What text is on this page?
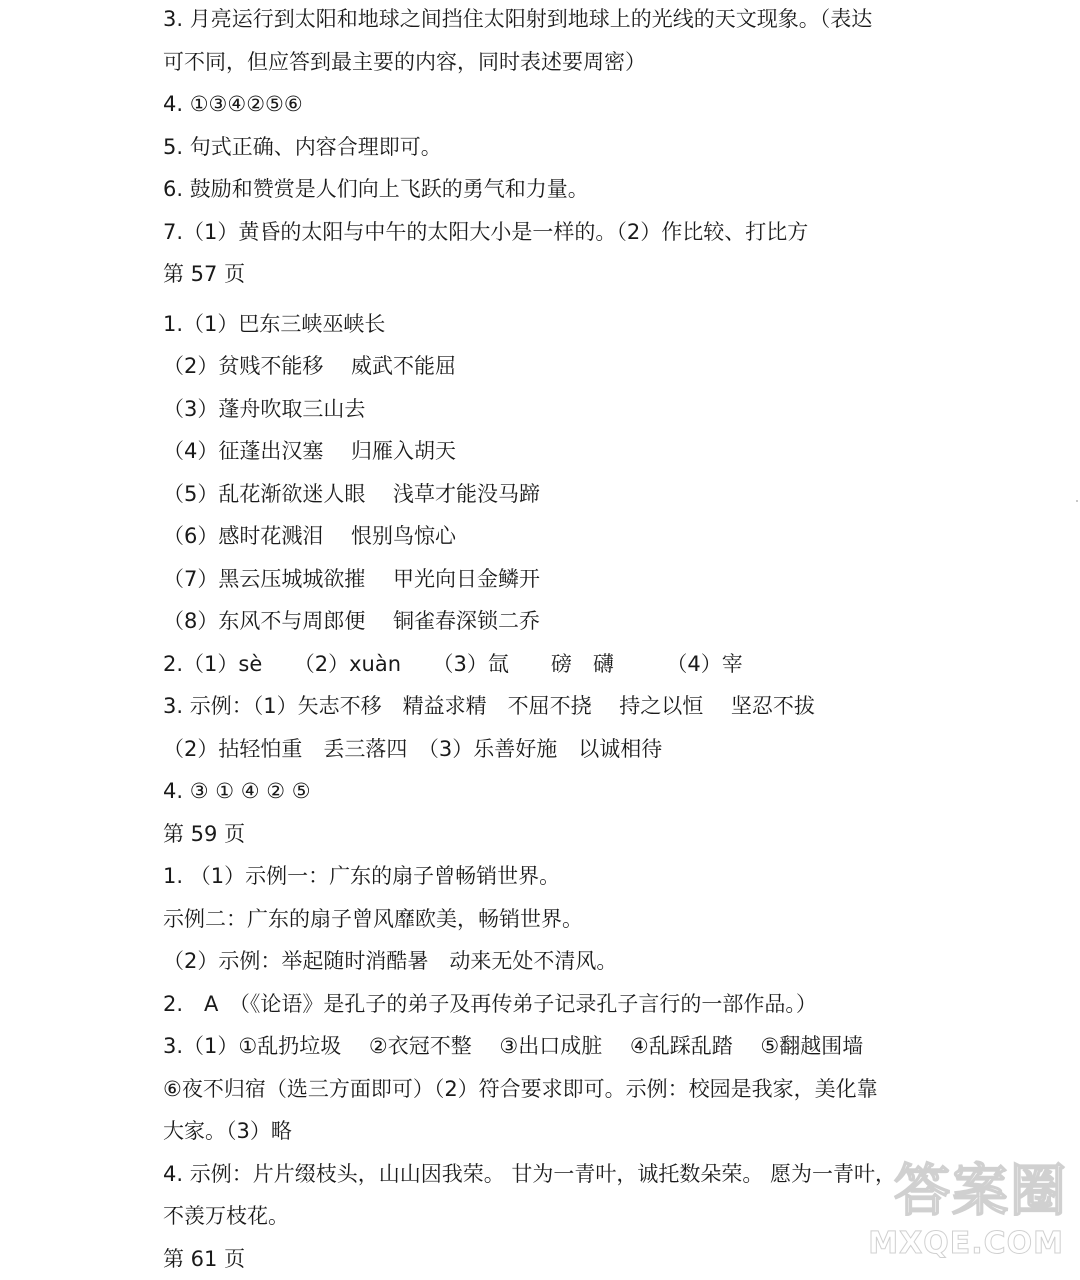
3. 月亮运行到太阳和地球之间挡住太阳射到地球上的光线的天文现象。（表达
可不同，但应答到最主要的内容，同时表述要周密）
4. ①③④②⑤⑥
5. 句式正确、内容合理即可。
6. 鼓励和赞赏是人们向上飞跃的勇气和力量。
7.（1）黄昏的太阳与中午的太阳大小是一样的。（2）作比较、打比方
第 57 页
1.（1）巴东三峡巫峡长
（2）贫贱不能移　 威武不能屈
（3）蓬舟吹取三山去
（4）征蓬出汉塞　 归雁入胡天
（5）乱花渐欲迷人眼　 浅草才能没马蹄
（6）感时花溅泪　 恨别鸟惊心
（7）黑云压城城欲摧　 甲光向日金鳞开
（8）东风不与周郎便　 铜雀春深锁二乔
2.（1）sè　　（2）xuàn　　（3）氙　　磅　礴　　　（4）宰
3. 示例：（1）矢志不移　精益求精　不屈不挠　 持之以恒　 坚忍不拔
（2）拈轻怕重　丢三落四　（3）乐善好施　以诚相待
4. ③ ① ④ ② ⑤
第 59 页
1. （1）示例一：广东的扇子曾畅销世界。
示例二：广东的扇子曾风靡欧美，畅销世界。
（2）示例：举起随时消酷暑　动来无处不清风。
2.　A　（《论语》是孔子的弟子及再传弟子记录孔子言行的一部作品。）
3.（1）①乱扔垃圾　 ②衣冠不整　 ③出口成脏　 ④乱踩乱踏　 ⑤翻越围墙
⑥夜不归宿（选三方面即可）（2）符合要求即可。示例：校园是我家，美化靠
大家。（3）略
4. 示例：片片缀枝头，山山因我荣。 甘为一青叶，诚托数朵荣。 愿为一青叶，
不羡万枝花。
第 61 页
答案圈
MXQE.COM
